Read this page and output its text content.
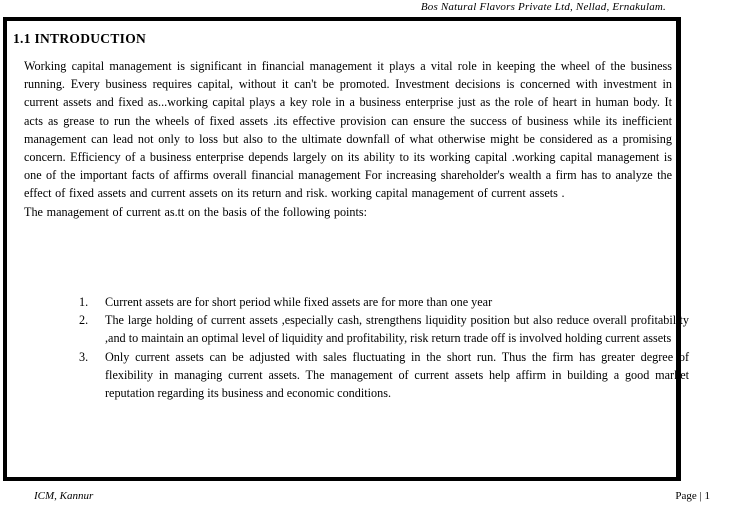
Bos Natural Flavors Private Ltd, Nellad, Ernakulam.
1.1 INTRODUCTION
Working capital management is significant in financial management it plays a vital role in keeping the wheel of the business running. Every business requires capital, without it can't be promoted. Investment decisions is concerned with investment in current assets and fixed as...working capital plays a key role in a business enterprise just as the role of heart in human body. It acts as grease to run the wheels of fixed assets .its effective provision can ensure the success of business while its inefficient management can lead not only to loss but also to the ultimate downfall of what otherwise might be considered as a promising concern. Efficiency of a business enterprise depends largely on its ability to its working capital .working capital management is one of the important facts of affirms overall financial management For increasing shareholder's wealth a firm has to analyze the effect of fixed assets and current assets on its return and risk. working capital management of current assets .
The management of current as.tt on the basis of the following points:
1. Current assets are for short period while fixed assets are for more than one year
2. The large holding of current assets ,especially cash, strengthens liquidity position but also reduce overall profitability ,and to maintain an optimal level of liquidity and profitability, risk return trade off is involved holding current assets
3. Only current assets can be adjusted with sales fluctuating in the short run. Thus the firm has greater degree of flexibility in managing current assets. The management of current assets help affirm in building a good market reputation regarding its business and economic conditions.
ICM, Kannur	Page | 1
